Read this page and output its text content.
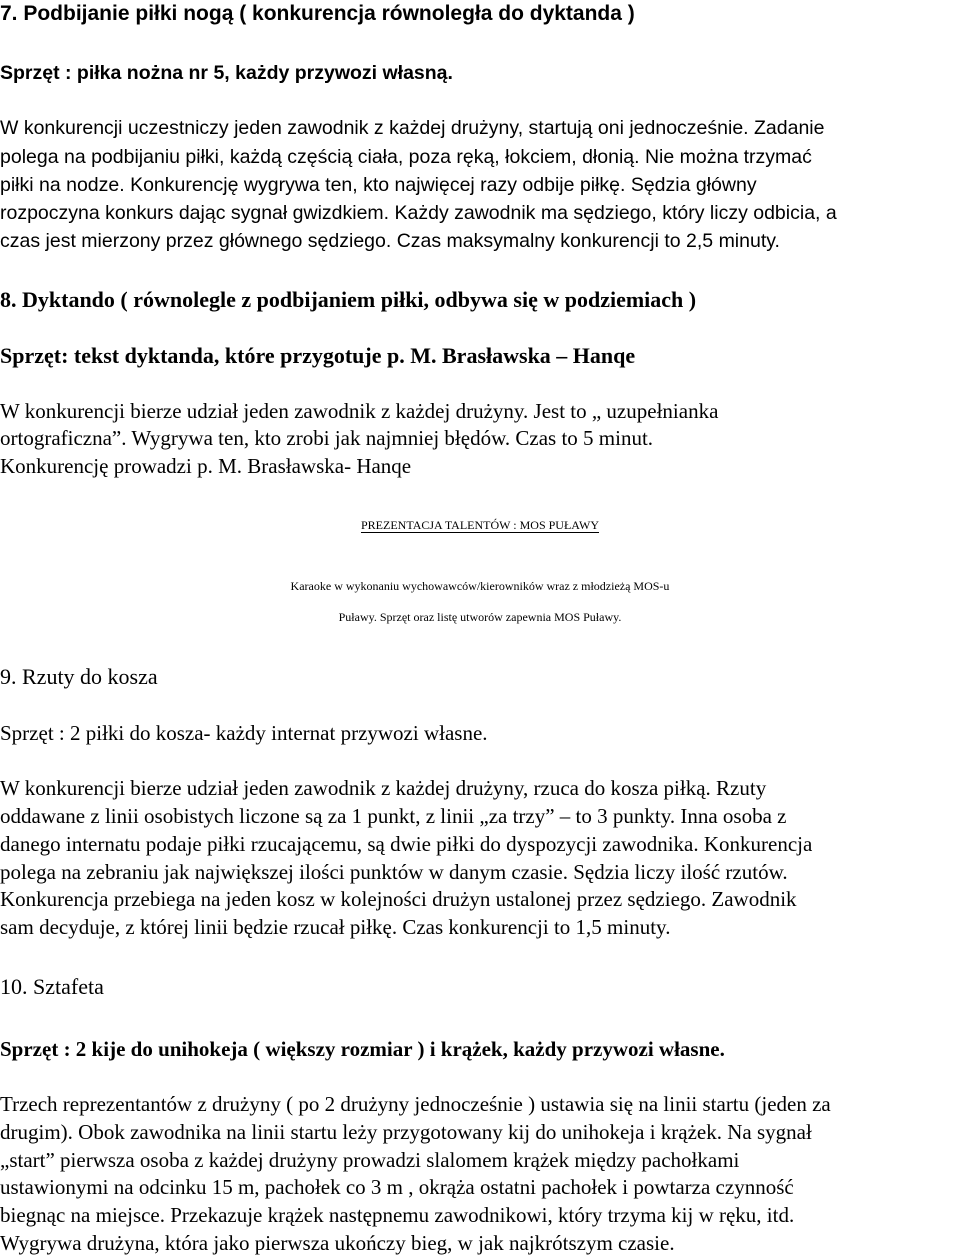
7. Podbijanie piłki nogą ( konkurencja równoległa do dyktanda )

Sprzęt : piłka nożna nr 5, każdy przywozi własną.

W konkurencji uczestniczy jeden zawodnik z każdej drużyny, startują oni jednocześnie. Zadanie

polega na podbijaniu piłki, każdą częścią ciała, poza ręką, łokciem, dłonią. Nie można trzymać

piłki na nodze. Konkurencję wygrywa ten, kto najwięcej razy odbije piłkę. Sędzia główny

rozpoczyna konkurs dając sygnał gwizdkiem. Każdy zawodnik ma sędziego, który liczy odbicia, a

czas jest mierzony przez głównego sędziego. Czas maksymalny konkurencji to 2,5 minuty.

8. Dyktando ( równolegle z podbijaniem piłki, odbywa się w podziemiach )

Sprzęt: tekst dyktanda, które przygotuje p. M. Brasławska – Hanqe

W konkurencji bierze udział jeden zawodnik z każdej drużyny. Jest to „ uzupełnianka

ortograficzna”. Wygrywa ten, kto zrobi jak najmniej błędów. Czas to 5 minut.

Konkurencję prowadzi p. M. Brasławska- Hanqe

PREZENTACJA TALENTÓW : MOS PUŁAWY

Karaoke w wykonaniu wychowawców/kierowników wraz z młodzieżą MOS-u

Puławy. Sprzęt oraz listę utworów zapewnia MOS Puławy.

9. Rzuty do kosza

Sprzęt : 2 piłki do kosza- każdy internat przywozi własne.

W konkurencji bierze udział jeden zawodnik z każdej drużyny, rzuca do kosza piłką. Rzuty

oddawane z linii osobistych liczone są za 1 punkt, z linii „za trzy” – to 3 punkty. Inna osoba z

danego internatu podaje piłki rzucającemu, są dwie piłki do dyspozycji zawodnika. Konkurencja

polega na zebraniu jak największej ilości punktów w danym czasie. Sędzia liczy ilość rzutów.

Konkurencja przebiega na jeden kosz w kolejności drużyn ustalonej przez sędziego. Zawodnik

sam decyduje, z której linii będzie rzucał piłkę. Czas konkurencji to 1,5 minuty.

10. Sztafeta

Sprzęt : 2 kije do unihokeja ( większy rozmiar ) i krążek, każdy przywozi własne.

Trzech reprezentantów z drużyny ( po 2 drużyny jednocześnie ) ustawia się na linii startu (jeden za

drugim). Obok zawodnika na linii startu leży przygotowany kij do unihokeja i krążek. Na sygnał

„start” pierwsza osoba z każdej drużyny prowadzi slalomem krążek między pachołkami

ustawionymi na odcinku 15 m, pachołek co 3 m , okrąża ostatni pachołek i powtarza czynność

biegnąc na miejsce. Przekazuje krążek następnemu zawodnikowi, który trzyma kij w ręku, itd.

Wygrywa drużyna, która jako pierwsza ukończy bieg, w jak najkrótszym czasie.
